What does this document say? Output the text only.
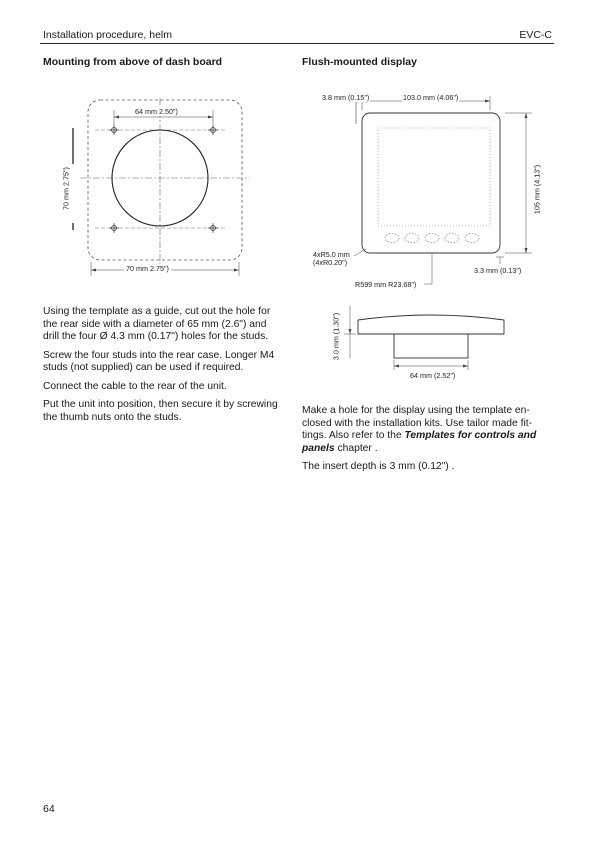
Installation procedure, helm	EVC-C
Mounting from above of dash board	Flush-mounted display
64 mm 2.50")
70 mm 2.75")
70 mm 2.75")

Using the template as a guide, cut out the hole for the rear side with a diameter of 65 mm (2.6") and drill the four Ø 4.3 mm (0.17") holes for the studs.

Screw the four studs into the rear case. Longer M4 studs (not supplied) can be used if required.

Connect the cable to the rear of the unit.

Put the unit into position, then secure it by screwing the thumb nuts onto the studs.

3.8 mm (0.15")	103.0 mm (4.06")
105 mm (4.13")
4xR5.0 mm
(4xR0.20")
3.3 mm (0.13")
R599 mm R23.68")
3.0 mm (1.30")
64 mm (2.52")

Make a hole for the display using the template en-closed with the installation kits. Use tailor made fit-tings. Also refer to the Templates for controls and panels chapter .

The insert depth is 3 mm (0.12") .

64
